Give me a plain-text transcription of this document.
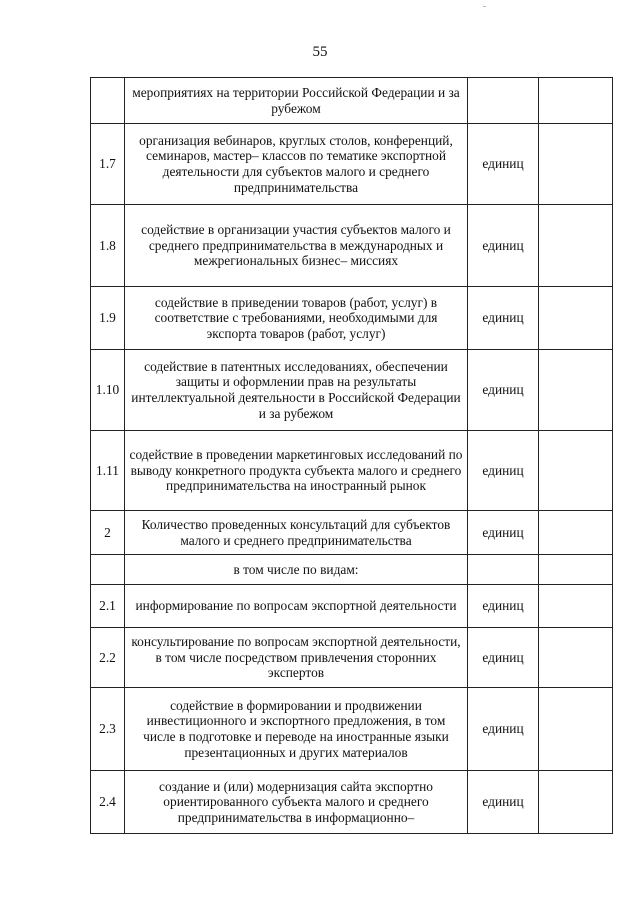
55
	мероприятиях на территории Российской Федерации и за рубежом		
1.7	организация вебинаров, круглых столов, конференций, семинаров, мастер– классов по тематике экспортной деятельности для субъектов малого и среднего предпринимательства	единиц	
1.8	содействие в организации участия субъектов малого и среднего предпринимательства в международных и межрегиональных бизнес– миссиях	единиц	
1.9	содействие в приведении товаров (работ, услуг) в соответствие с требованиями, необходимыми для экспорта товаров (работ, услуг)	единиц	
1.10	содействие в патентных исследованиях, обеспечении защиты и оформлении прав на результаты интеллектуальной деятельности в Российской Федерации и за рубежом	единиц	
1.11	содействие в проведении маркетинговых исследований по выводу конкретного продукта субъекта малого и среднего предпринимательства на иностранный рынок	единиц	
2	Количество проведенных консультаций для субъектов малого и среднего предпринимательства	единиц	
	в том числе по видам:		
2.1	информирование по вопросам экспортной деятельности	единиц	
2.2	консультирование по вопросам экспортной деятельности, в том числе посредством привлечения сторонних экспертов	единиц	
2.3	содействие в формировании и продвижении инвестиционного и экспортного предложения, в том числе в подготовке и переводе на иностранные языки презентационных и других материалов	единиц	
2.4	создание и (или) модернизация сайта экспортно ориентированного субъекта малого и среднего предпринимательства в информационно–	единиц	
